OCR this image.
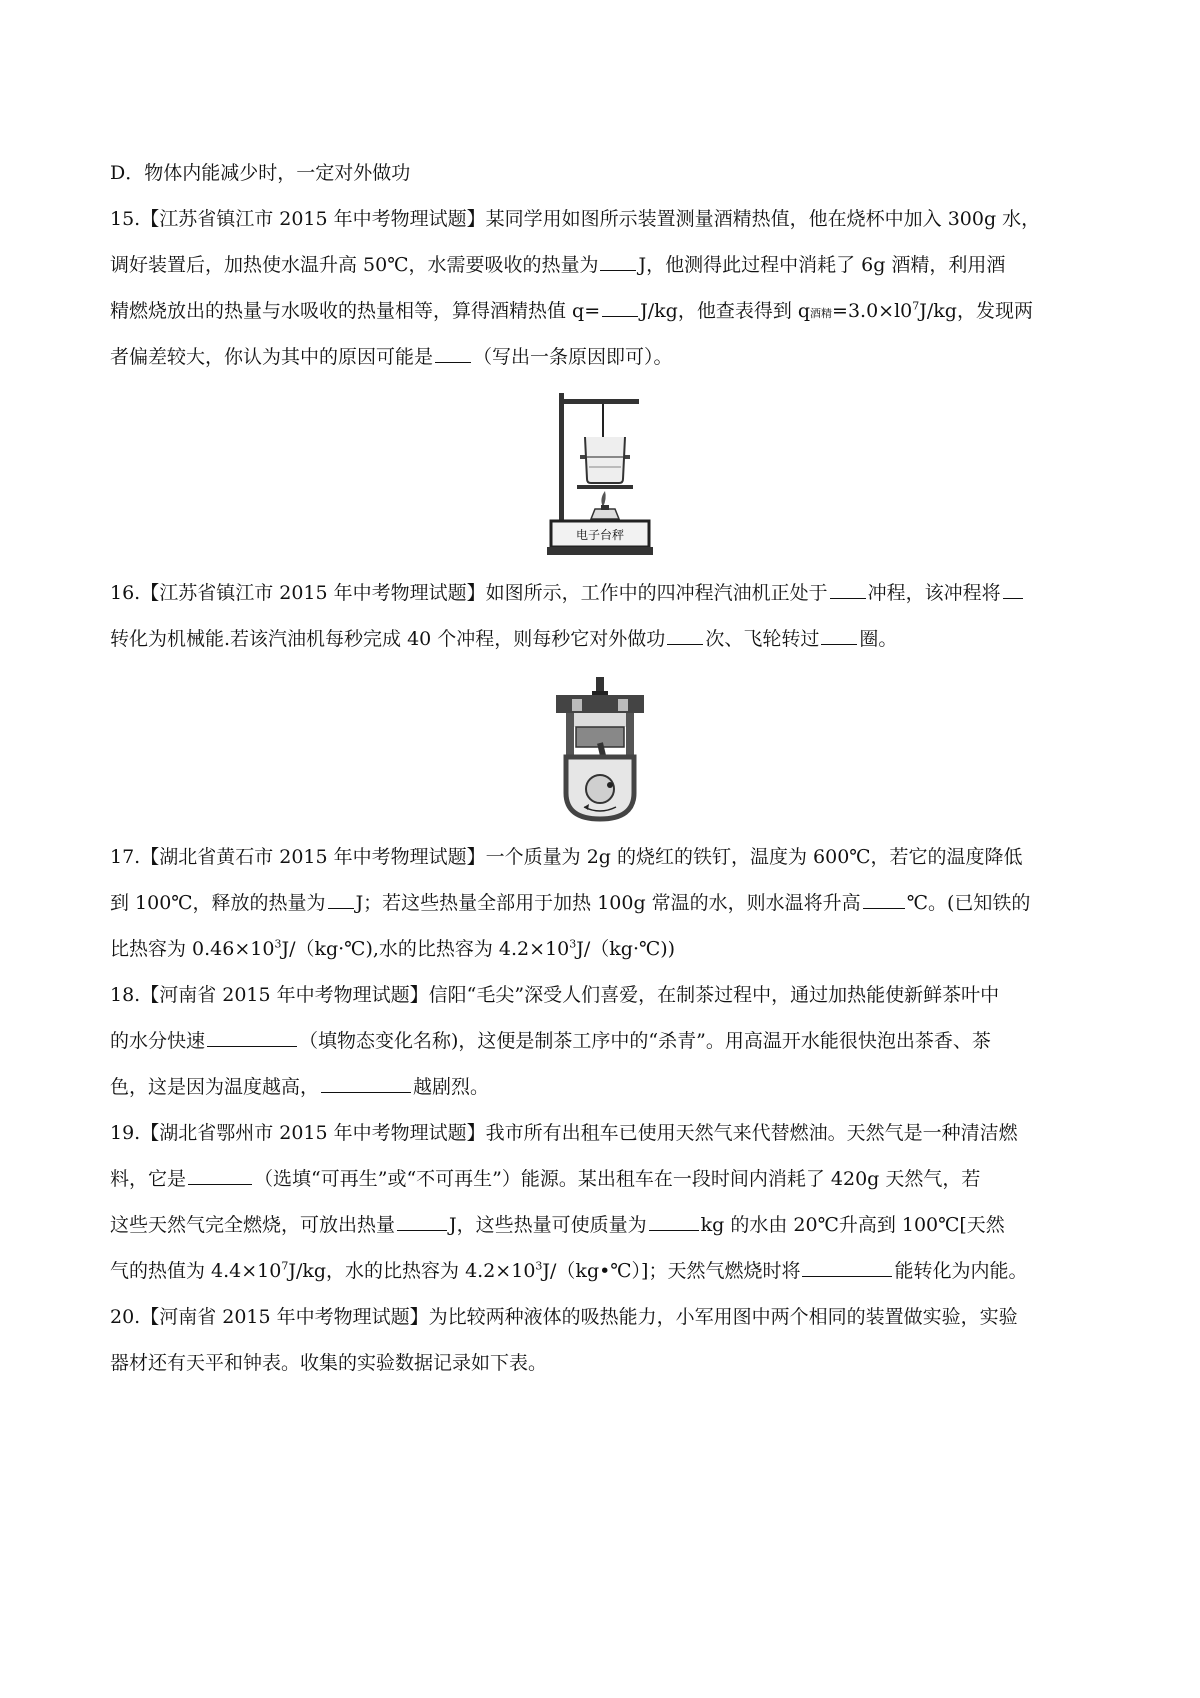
D．物体内能减少时，一定对外做功
15.【江苏省镇江市 2015 年中考物理试题】某同学用如图所示装置测量酒精热值，他在烧杯中加入 300g 水，
调好装置后，加热使水温升高 50℃，水需要吸收的热量为 J，他测得此过程中消耗了 6g 酒精，利用酒
精燃烧放出的热量与水吸收的热量相等，算得酒精热值 q= J/kg，他查表得到 q酒精$=3.0\times l0^7J/kg$，发现两
者偏差较大，你认为其中的原因可能是 （写出一条原因即可）。
电子台秤
16.【江苏省镇江市 2015 年中考物理试题】如图所示，工作中的四冲程汽油机正处于 冲程，该冲程将
转化为机械能.若该汽油机每秒完成 40 个冲程，则每秒它对外做功 次、飞轮转过 圈。
17.【湖北省黄石市 2015 年中考物理试题】一个质量为 2g 的烧红的铁钉，温度为 600℃，若它的温度降低
到 100℃，释放的热量为 J；若这些热量全部用于加热 100g 常温的水，则水温将升高 ℃。(已知铁的
比热容为 $0.46\times 10^3J/(kg\cdot℃)$,水的比热容为 $4.2\times 10^3J/(kg\cdot℃)$)
18.【河南省 2015 年中考物理试题】信阳“毛尖”深受人们喜爱，在制茶过程中，通过加热能使新鲜茶叶中
的水分快速	（填物态变化名称)，这便是制茶工序中的“杀青”。用高温开水能很快泡出茶香、茶
色，这是因为温度越高，	越剧烈。
19.【湖北省鄂州市 2015 年中考物理试题】我市所有出租车已使用天然气来代替燃油。天然气是一种清洁燃
料，它是	（选填“可再生”或“不可再生”）能源。某出租车在一段时间内消耗了 420g 天然气，若
这些天然气完全燃烧，可放出热量	J，这些热量可使质量为	kg 的水由 20℃升高到 100℃[天然
气的热值为 $4.4\times 10^7J/kg$，水的比热容为 $4.2\times 10^3J/(kg•℃)$]；天然气燃烧时将	能转化为内能。
20.【河南省 2015 年中考物理试题】为比较两种液体的吸热能力，小军用图中两个相同的装置做实验，实验
器材还有天平和钟表。收集的实验数据记录如下表。
